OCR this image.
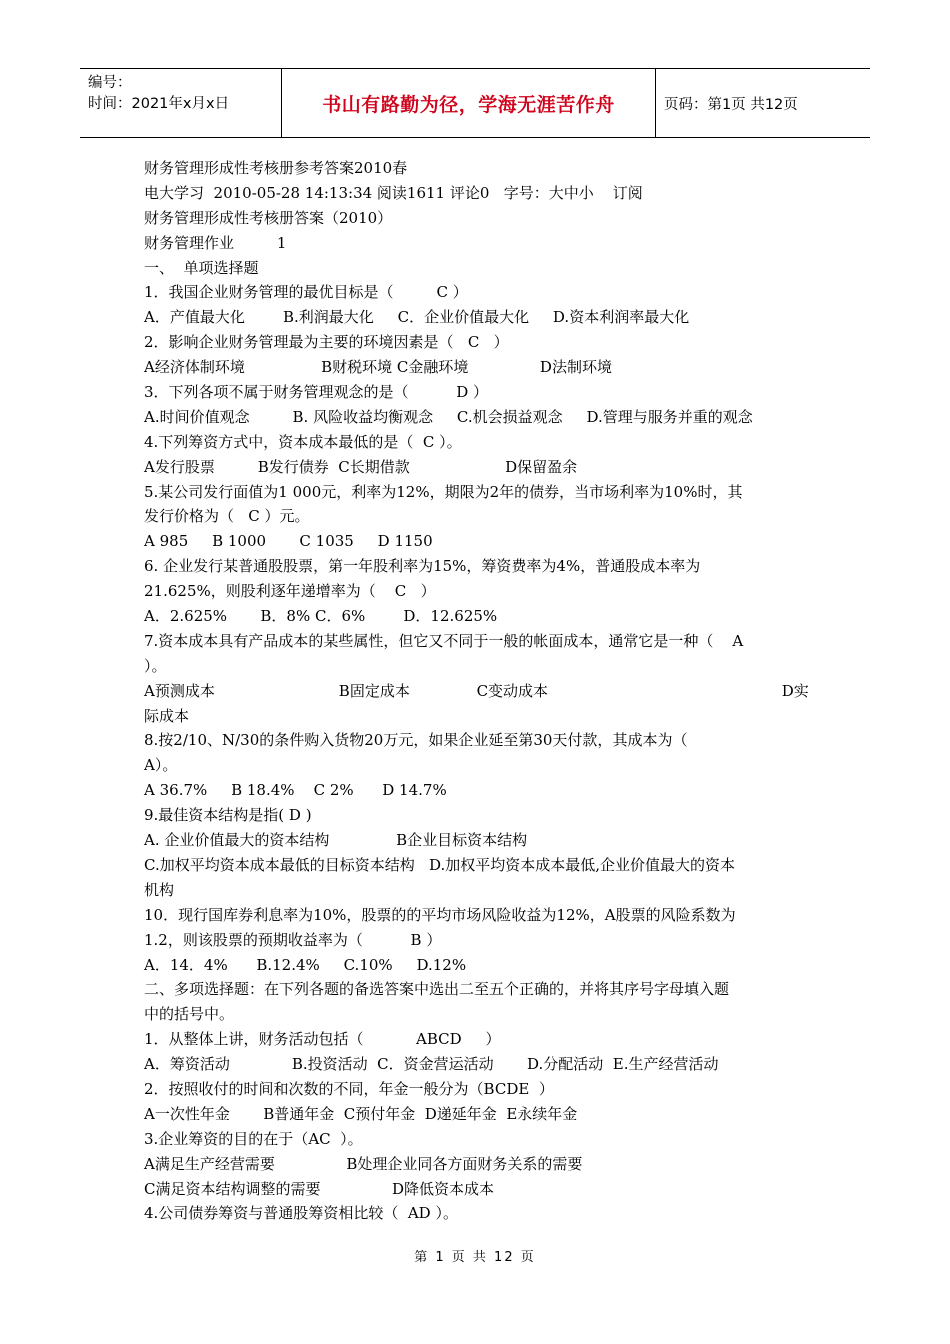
编号：
时间：2021年x月x日	书山有路勤为径，学海无涯苦作舟	页码：第1页 共12页
财务管理形成性考核册参考答案2010春
电大学习  2010-05-28 14:13:34 阅读1611 评论0   字号：大中小    订阅
财务管理形成性考核册答案（2010）
财务管理作业         1
一、  单项选择题
1．我国企业财务管理的最优目标是（         C ）
A．产值最大化        B.利润最大化     C．企业价值最大化     D.资本利润率最大化
2．影响企业财务管理最为主要的环境因素是（   C   ）
A经济体制环境                B财税环境 C金融环境               D法制环境
3．下列各项不属于财务管理观念的是（          D ）
A.时间价值观念         B. 风险收益均衡观念     C.机会损益观念     D.管理与服务并重的观念
4.下列筹资方式中，资本成本最低的是（  C ）。
A发行股票         B发行债券  C长期借款                    D保留盈余
5.某公司发行面值为1 000元，利率为12%，期限为2年的债券，当市场利率为10%时，其
发行价格为（   C ）元。
A 985     B 1000       C 1035     D 1150
6. 企业发行某普通股股票，第一年股利率为15%，筹资费率为4%，普通股成本率为
21.625%，则股利逐年递增率为（    C   ）
A．2.625%       B．8% C．6%        D．12.625%
7.资本成本具有产品成本的某些属性，但它又不同于一般的帐面成本，通常它是一种（    A
）。
A预测成本                          B固定成本              C变动成本                                                 D实
际成本
8.按2/10、N/30的条件购入货物20万元，如果企业延至第30天付款，其成本为（
A）。
A 36.7%     B 18.4%    C 2%      D 14.7%
9.最佳资本结构是指( D )
A. 企业价值最大的资本结构              B企业目标资本结构
C.加权平均资本成本最低的目标资本结构   D.加权平均资本成本最低,企业价值最大的资本
机构
10．现行国库券利息率为10%，股票的的平均市场风险收益为12%，A股票的风险系数为
1.2，则该股票的预期收益率为（          B ）
A．14．4%      B.12.4%     C.10%     D.12%
二、多项选择题：在下列各题的备选答案中选出二至五个正确的，并将其序号字母填入题
中的括号中。
1．从整体上讲，财务活动包括（           ABCD     ）
A．筹资活动             B.投资活动  C．资金营运活动       D.分配活动  E.生产经营活动
2．按照收付的时间和次数的不同，年金一般分为（BCDE  ）
A一次性年金       B普通年金  C预付年金  D递延年金  E永续年金
3.企业筹资的目的在于（AC  ）。
A满足生产经营需要               B处理企业同各方面财务关系的需要
C满足资本结构调整的需要               D降低资本成本
4.公司债券筹资与普通股筹资相比较（  AD ）。
第 1 页 共 12 页
